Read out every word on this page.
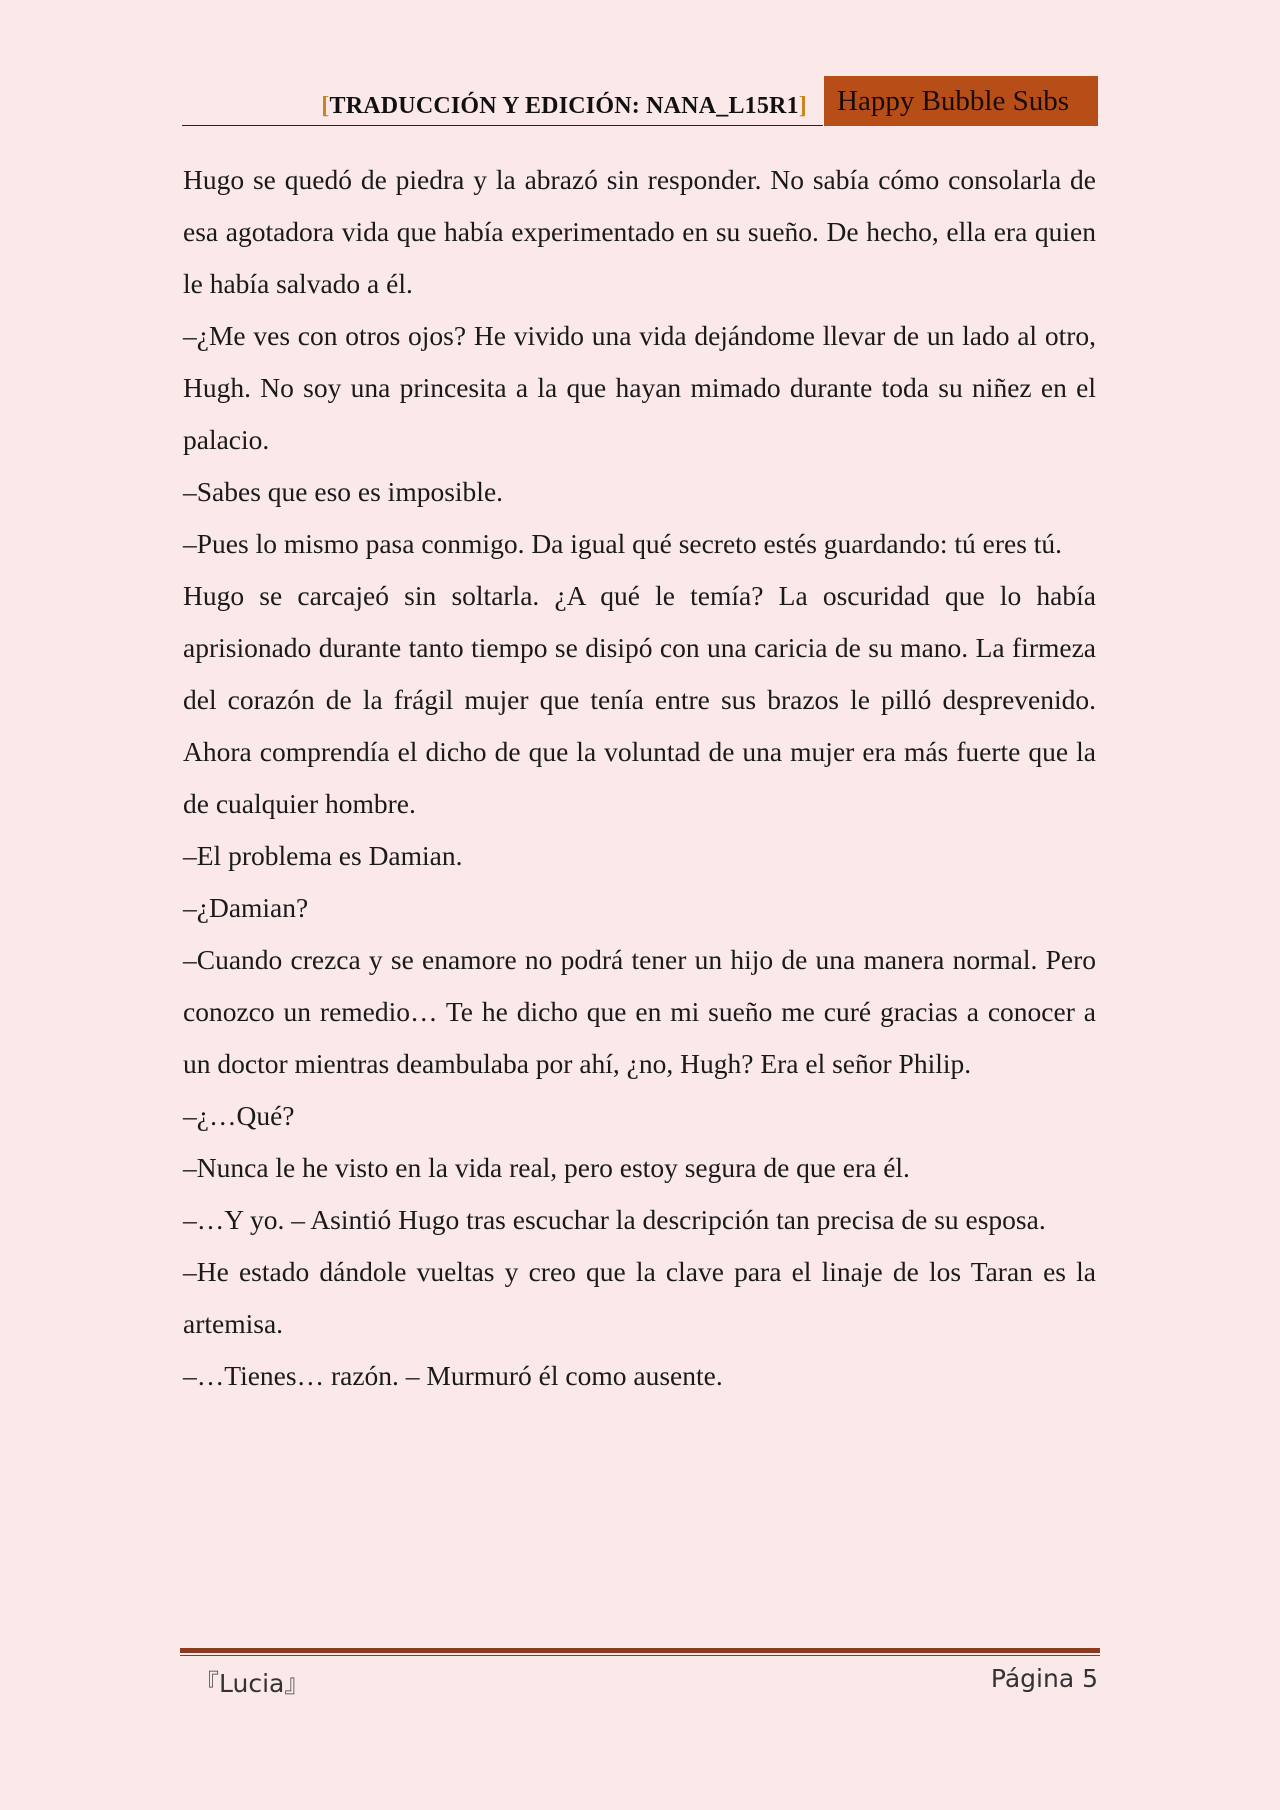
[TRADUCCIÓN Y EDICIÓN: NANA_L15R1]	Happy Bubble Subs

Hugo se quedó de piedra y la abrazó sin responder. No sabía cómo consolarla de esa agotadora vida que había experimentado en su sueño. De hecho, ella era quien le había salvado a él.

–¿Me ves con otros ojos? He vivido una vida dejándome llevar de un lado al otro, Hugh. No soy una princesita a la que hayan mimado durante toda su niñez en el palacio.

–Sabes que eso es imposible.

–Pues lo mismo pasa conmigo. Da igual qué secreto estés guardando: tú eres tú.

Hugo se carcajeó sin soltarla. ¿A qué le temía? La oscuridad que lo había aprisionado durante tanto tiempo se disipó con una caricia de su mano. La firmeza del corazón de la frágil mujer que tenía entre sus brazos le pilló desprevenido. Ahora comprendía el dicho de que la voluntad de una mujer era más fuerte que la de cualquier hombre.

–El problema es Damian.

–¿Damian?

–Cuando crezca y se enamore no podrá tener un hijo de una manera normal. Pero conozco un remedio… Te he dicho que en mi sueño me curé gracias a conocer a un doctor mientras deambulaba por ahí, ¿no, Hugh? Era el señor Philip.

–¿…Qué?

–Nunca le he visto en la vida real, pero estoy segura de que era él.

–…Y yo. – Asintió Hugo tras escuchar la descripción tan precisa de su esposa.

–He estado dándole vueltas y creo que la clave para el linaje de los Taran es la artemisa.

–…Tienes… razón. – Murmuró él como ausente.

『Lucia』	Página 5
